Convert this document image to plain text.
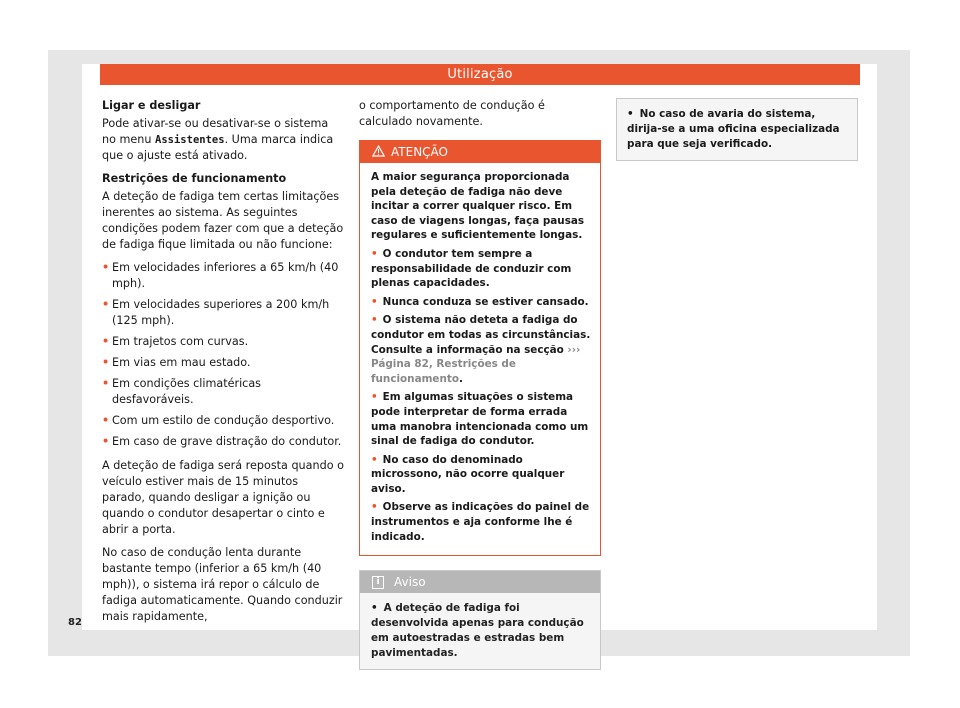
Utilização
Ligar e desligar

Pode ativar-se ou desativar-se o sistema no menu Assistentes. Uma marca indica que o ajuste está ativado.

Restrições de funcionamento

A deteção de fadiga tem certas limitações inerentes ao sistema. As seguintes condições podem fazer com que a deteção de fadiga fique limitada ou não funcione:

• Em velocidades inferiores a 65 km/h (40 mph).
• Em velocidades superiores a 200 km/h (125 mph).
• Em trajetos com curvas.
• Em vias em mau estado.
• Em condições climatéricas desfavoráveis.
• Com um estilo de condução desportivo.
• Em caso de grave distração do condutor.

A deteção de fadiga será reposta quando o veículo estiver mais de 15 minutos parado, quando desligar a ignição ou quando o condutor desapertar o cinto e abrir a porta.

No caso de condução lenta durante bastante tempo (inferior a 65 km/h (40 mph)), o sistema irá repor o cálculo de fadiga automaticamente. Quando conduzir mais rapidamente,

o comportamento de condução é calculado novamente.

ATENÇÃO

A maior segurança proporcionada pela deteção de fadiga não deve incitar a correr qualquer risco. Em caso de viagens longas, faça pausas regulares e suficientemente longas.

• O condutor tem sempre a responsabilidade de conduzir com plenas capacidades.
• Nunca conduza se estiver cansado.
• O sistema não deteta a fadiga do condutor em todas as circunstâncias. Consulte a informação na secção ››› Página 82, Restrições de funcionamento.
• Em algumas situações o sistema pode interpretar de forma errada uma manobra intencionada como um sinal de fadiga do condutor.
• No caso do denominado microssono, não ocorre qualquer aviso.
• Observe as indicações do painel de instrumentos e aja conforme lhe é indicado.
i Aviso
• A deteção de fadiga foi desenvolvida apenas para condução em autoestradas e estradas bem pavimentadas.
• No caso de avaria do sistema, dirija-se a uma oficina especializada para que seja verificado.
82
